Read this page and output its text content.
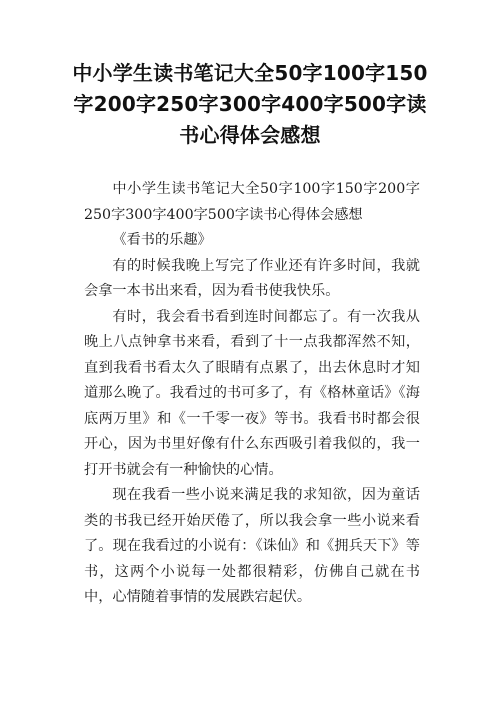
中小学生读书笔记大全50字100字150字200字250字300字400字500字读书心得体会感想

中小学生读书笔记大全50字100字150字200字250字300字400字500字读书心得体会感想

《看书的乐趣》

有的时候我晚上写完了作业还有许多时间，我就会拿一本书出来看，因为看书使我快乐。

有时，我会看书看到连时间都忘了。有一次我从晚上八点钟拿书来看，看到了十一点我都浑然不知，直到我看书看太久了眼睛有点累了，出去休息时才知道那么晚了。我看过的书可多了，有《格林童话》《海底两万里》和《一千零一夜》等书。我看书时都会很开心，因为书里好像有什么东西吸引着我似的，我一打开书就会有一种愉快的心情。

现在我看一些小说来满足我的求知欲，因为童话类的书我已经开始厌倦了，所以我会拿一些小说来看了。现在我看过的小说有：《诛仙》和《拥兵天下》等书，这两个小说每一处都很精彩，仿佛自己就在书中，心情随着事情的发展跌宕起伏。
